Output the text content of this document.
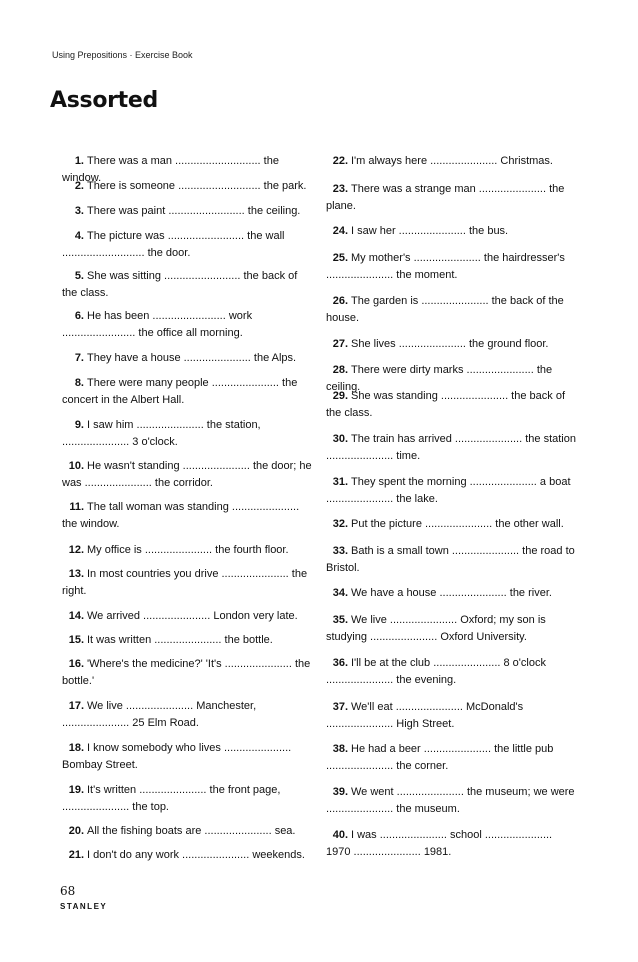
Using Prepositions · Exercise Book
Assorted
1. There was a man ............................ the window.
2. There is someone ........................... the park.
3. There was paint ......................... the ceiling.
4. The picture was ......................... the wall ........................... the door.
5. She was sitting ......................... the back of the class.
6. He has been ........................ work ........................ the office all morning.
7. They have a house ...................... the Alps.
8. There were many people ...................... the concert in the Albert Hall.
9. I saw him ...................... the station, ...................... 3 o'clock.
10. He wasn't standing ...................... the door; he was ...................... the corridor.
11. The tall woman was standing ...................... the window.
12. My office is ...................... the fourth floor.
13. In most countries you drive ...................... the right.
14. We arrived ...................... London very late.
15. It was written ...................... the bottle.
16. 'Where's the medicine?' 'It's ...................... the bottle.'
17. We live ...................... Manchester, ...................... 25 Elm Road.
18. I know somebody who lives ...................... Bombay Street.
19. It's written ...................... the front page, ...................... the top.
20. All the fishing boats are ...................... sea.
21. I don't do any work ...................... weekends.
22. I'm always here ...................... Christmas.
23. There was a strange man ...................... the plane.
24. I saw her ...................... the bus.
25. My mother's ...................... the hairdresser's ...................... the moment.
26. The garden is ...................... the back of the house.
27. She lives ...................... the ground floor.
28. There were dirty marks ...................... the ceiling.
29. She was standing ...................... the back of the class.
30. The train has arrived ...................... the station ...................... time.
31. They spent the morning ...................... a boat ...................... the lake.
32. Put the picture ...................... the other wall.
33. Bath is a small town ...................... the road to Bristol.
34. We have a house ...................... the river.
35. We live ...................... Oxford; my son is studying ...................... Oxford University.
36. I'll be at the club ...................... 8 o'clock ...................... the evening.
37. We'll eat ...................... McDonald's ...................... High Street.
38. He had a beer ...................... the little pub ...................... the corner.
39. We went ...................... the museum; we were ...................... the museum.
40. I was ...................... school ...................... 1970 ...................... 1981.
68
STANLEY
